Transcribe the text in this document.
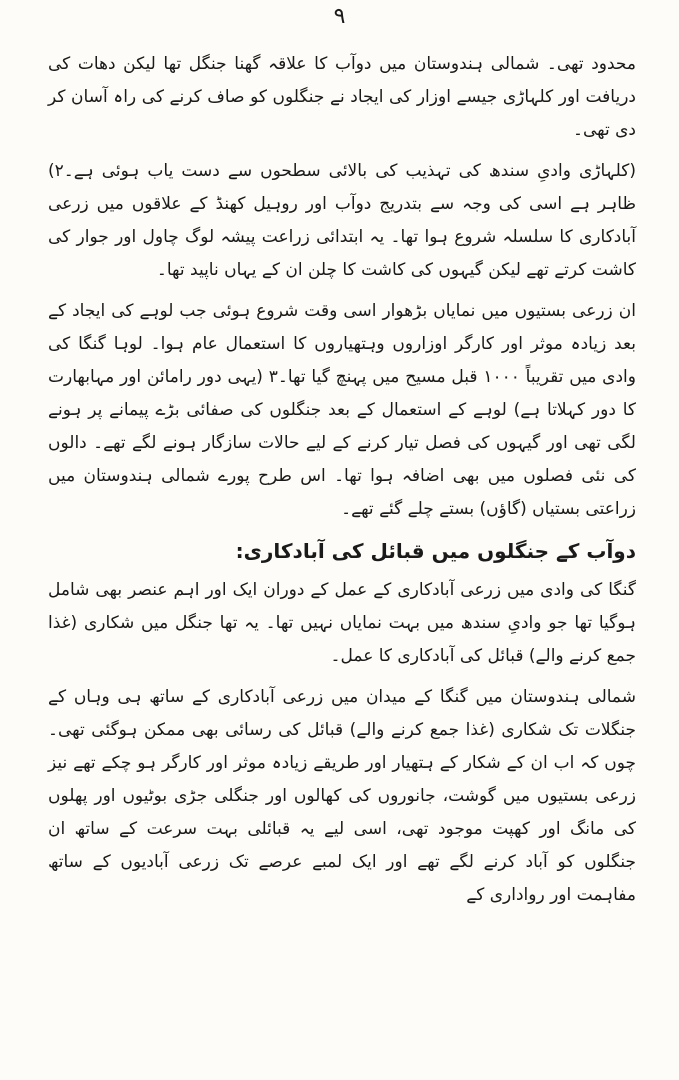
۹

محدود تھی۔ شمالی ہندوستان میں دوآب کا علاقہ گھنا جنگل تھا لیکن دھات کی دریافت اور کلہاڑی جیسے اوزار کی ایجاد نے جنگلوں کو صاف کرنے کی راہ آسان کر دی تھی۔

(کلہاڑی وادیِ سندھ کی تہذیب کی بالائی سطحوں سے دست یاب ہوئی ہے۔۲) ظاہر ہے اسی کی وجہ سے بتدریج دوآب اور روہیل کھنڈ کے علاقوں میں زرعی آبادکاری کا سلسلہ شروع ہوا تھا۔ یہ ابتدائی زراعت پیشہ لوگ چاول اور جوار کی کاشت کرتے تھے لیکن گیہوں کی کاشت کا چلن ان کے یہاں ناپید تھا۔

ان زرعی بستیوں میں نمایاں بڑھوار اسی وقت شروع ہوئی جب لوہے کی ایجاد کے بعد زیادہ موثر اور کارگر اوزاروں وہتھیاروں کا استعمال عام ہوا۔ لوہا گنگا کی وادی میں تقریباً ۱۰۰۰ قبل مسیح میں پہنچ گیا تھا۔۳ (یہی دور رامائن اور مہابھارت کا دور کہلاتا ہے) لوہے کے استعمال کے بعد جنگلوں کی صفائی بڑے پیمانے پر ہونے لگی تھی اور گیہوں کی فصل تیار کرنے کے لیے حالات سازگار ہونے لگے تھے۔ دالوں کی نئی فصلوں میں بھی اضافہ ہوا تھا۔ اس طرح پورے شمالی ہندوستان میں زراعتی بستیاں (گاؤں) بستے چلے گئے تھے۔

دوآب کے جنگلوں میں قبائل کی آبادکاری:

گنگا کی وادی میں زرعی آبادکاری کے عمل کے دوران ایک اور اہم عنصر بھی شامل ہوگیا تھا جو وادیِ سندھ میں بہت نمایاں نہیں تھا۔ یہ تھا جنگل میں شکاری (غذا جمع کرنے والے) قبائل کی آبادکاری کا عمل۔

شمالی ہندوستان میں گنگا کے میدان میں زرعی آبادکاری کے ساتھ ہی وہاں کے جنگلات تک شکاری (غذا جمع کرنے والے) قبائل کی رسائی بھی ممکن ہوگئی تھی۔ چوں کہ اب ان کے شکار کے ہتھیار اور طریقے زیادہ موثر اور کارگر ہو چکے تھے نیز زرعی بستیوں میں گوشت، جانوروں کی کھالوں اور جنگلی جڑی بوٹیوں اور پھلوں کی مانگ اور کھپت موجود تھی، اسی لیے یہ قبائلی بہت سرعت کے ساتھ ان جنگلوں کو آباد کرنے لگے تھے اور ایک لمبے عرصے تک زرعی آبادیوں کے ساتھ مفاہمت اور رواداری کے
